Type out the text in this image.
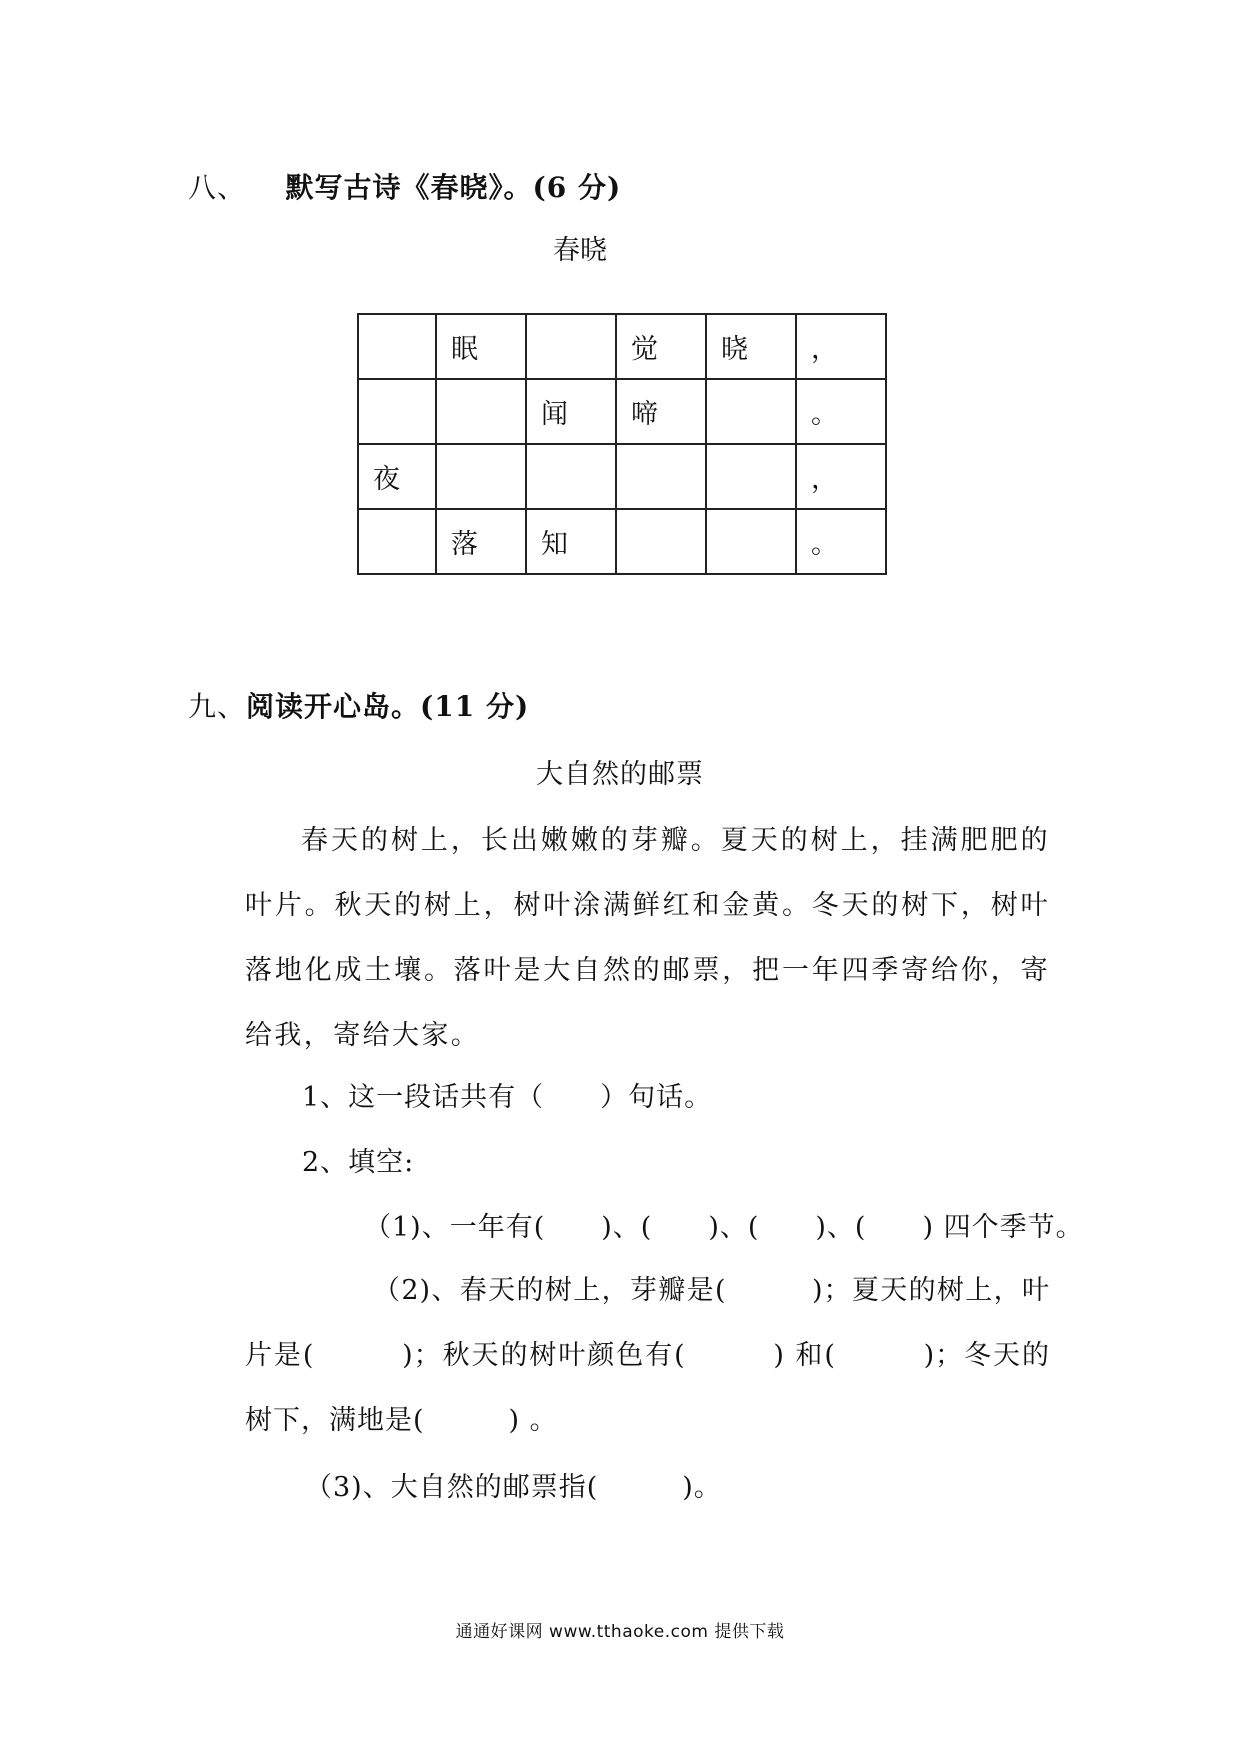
八、 默写古诗《春晓》。(6 分)
春晓
	眠		觉	晓	，
		闻	啼		。
夜					，
	落	知			。
九、阅读开心岛。(11 分)
大自然的邮票
春天的树上，长出嫩嫩的芽瓣。夏天的树上，挂满肥肥的叶片。秋天的树上，树叶涂满鲜红和金黄。冬天的树下，树叶落地化成土壤。落叶是大自然的邮票，把一年四季寄给你，寄给我，寄给大家。
1、这一段话共有（　　）句话。
2、填空:
（1)、一年有(　　)、(　　)、(　　)、(　　) 四个季节。
（2)、春天的树上，芽瓣是(　　　)；夏天的树上，叶片是(　　　)；秋天的树叶颜色有(　　　) 和(　　　)；冬天的树下，满地是(　　　) 。
（3)、大自然的邮票指(　　　)。
通通好课网 www.tthaoke.com 提供下载
